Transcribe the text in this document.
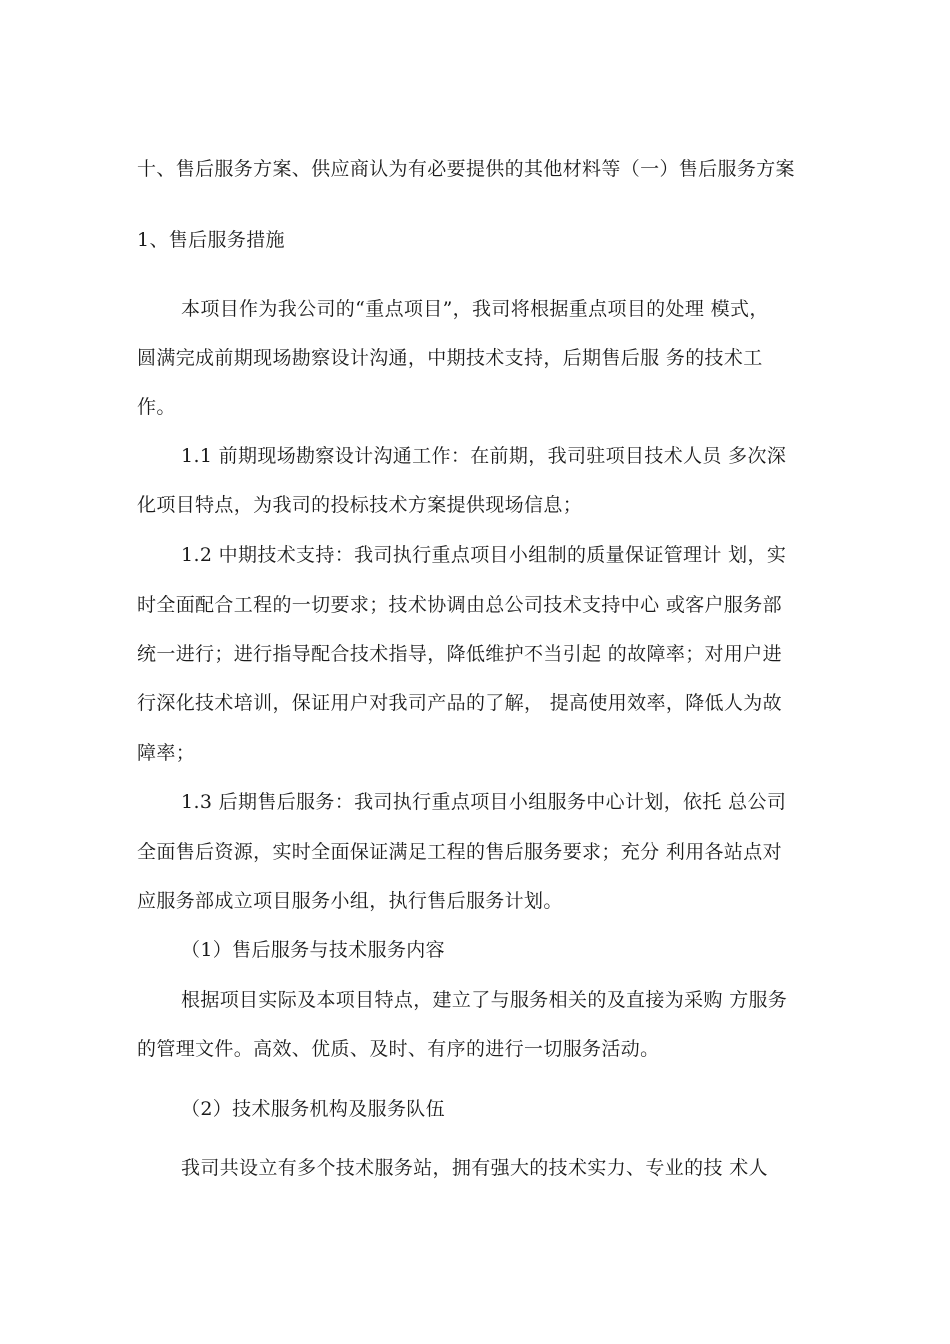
十、售后服务方案、供应商认为有必要提供的其他材料等（一）售后服务方案
1、售后服务措施
本项目作为我公司的“重点项目”，我司将根据重点项目的处理 模式，
圆满完成前期现场勘察设计沟通，中期技术支持，后期售后服 务的技术工
作。
1.1 前期现场勘察设计沟通工作：在前期，我司驻项目技术人员 多次深
化项目特点，为我司的投标技术方案提供现场信息；
1.2 中期技术支持：我司执行重点项目小组制的质量保证管理计 划，实
时全面配合工程的一切要求；技术协调由总公司技术支持中心 或客户服务部
统一进行；进行指导配合技术指导，降低维护不当引起 的故障率；对用户进
行深化技术培训，保证用户对我司产品的了解， 提高使用效率，降低人为故
障率；
1.3 后期售后服务：我司执行重点项目小组服务中心计划，依托 总公司
全面售后资源，实时全面保证满足工程的售后服务要求；充分 利用各站点对
应服务部成立项目服务小组，执行售后服务计划。
（1）售后服务与技术服务内容
根据项目实际及本项目特点，建立了与服务相关的及直接为采购 方服务
的管理文件。高效、优质、及时、有序的进行一切服务活动。
（2）技术服务机构及服务队伍
我司共设立有多个技术服务站，拥有强大的技术实力、专业的技 术人
